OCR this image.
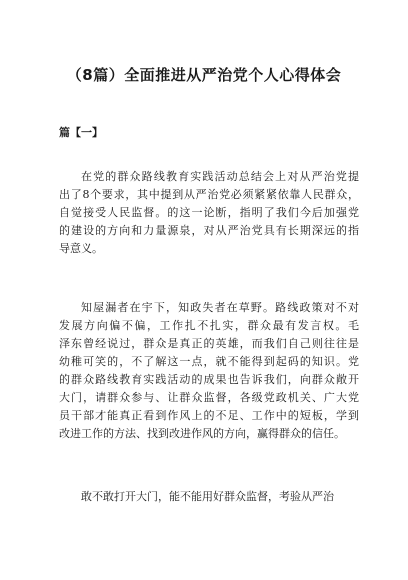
（8篇）全面推进从严治党个人心得体会
篇【一】
在党的群众路线教育实践活动总结会上对从严治党提
出了8个要求，其中提到从严治党必须紧紧依靠人民群众，
自觉接受人民监督。的这一论断，指明了我们今后加强党
的建设的方向和力量源泉，对从严治党具有长期深远的指
导意义。
知屋漏者在宇下，知政失者在草野。路线政策对不对
发展方向偏不偏，工作扎不扎实，群众最有发言权。毛
泽东曾经说过，群众是真正的英雄，而我们自己则往往是
幼稚可笑的，不了解这一点，就不能得到起码的知识。党
的群众路线教育实践活动的成果也告诉我们，向群众敞开
大门，请群众参与、让群众监督，各级党政机关、广大党
员干部才能真正看到作风上的不足、工作中的短板，学到
改进工作的方法、找到改进作风的方向，赢得群众的信任。
敢不敢打开大门，能不能用好群众监督，考验从严治
